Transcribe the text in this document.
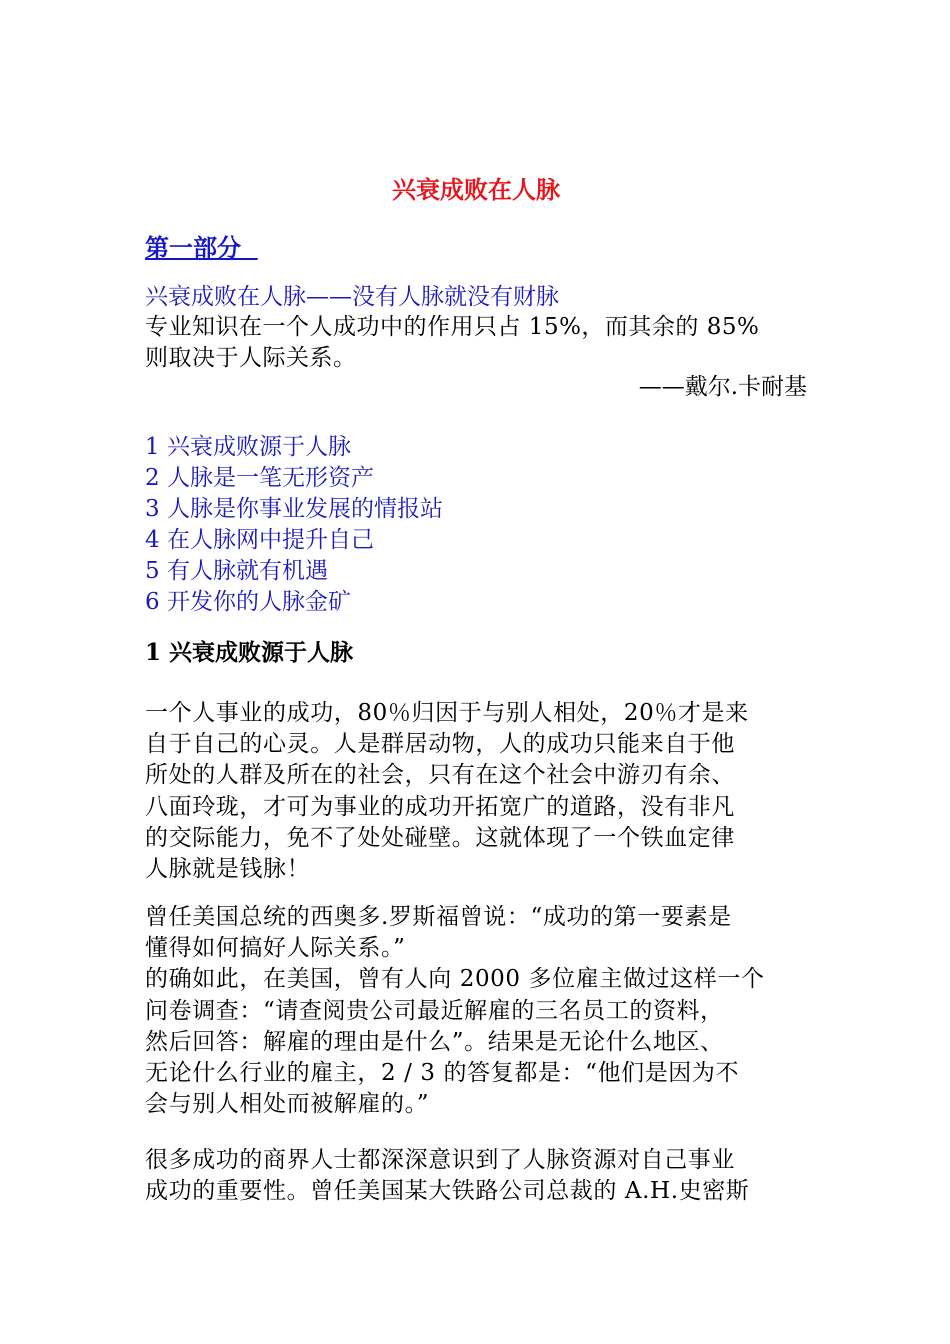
兴衰成败在人脉
第一部分
兴衰成败在人脉——没有人脉就没有财脉
专业知识在一个人成功中的作用只占 15%，而其余的 85%
则取决于人际关系。
——戴尔.卡耐基
1 兴衰成败源于人脉
2 人脉是一笔无形资产
3 人脉是你事业发展的情报站
4 在人脉网中提升自己
5 有人脉就有机遇
6 开发你的人脉金矿
1 兴衰成败源于人脉

一个人事业的成功，80％归因于与别人相处，20％才是来
自于自己的心灵。人是群居动物，人的成功只能来自于他
所处的人群及所在的社会，只有在这个社会中游刃有余、
八面玲珑，才可为事业的成功开拓宽广的道路，没有非凡
的交际能力，免不了处处碰壁。这就体现了一个铁血定律
人脉就是钱脉！

曾任美国总统的西奥多.罗斯福曾说：“成功的第一要素是
懂得如何搞好人际关系。”
的确如此，在美国，曾有人向 2000 多位雇主做过这样一个
问卷调查：“请查阅贵公司最近解雇的三名员工的资料，
然后回答：解雇的理由是什么”。结果是无论什么地区、
无论什么行业的雇主，2 / 3 的答复都是：“他们是因为不
会与别人相处而被解雇的。”

很多成功的商界人士都深深意识到了人脉资源对自己事业
成功的重要性。曾任美国某大铁路公司总裁的 A.H.史密斯
